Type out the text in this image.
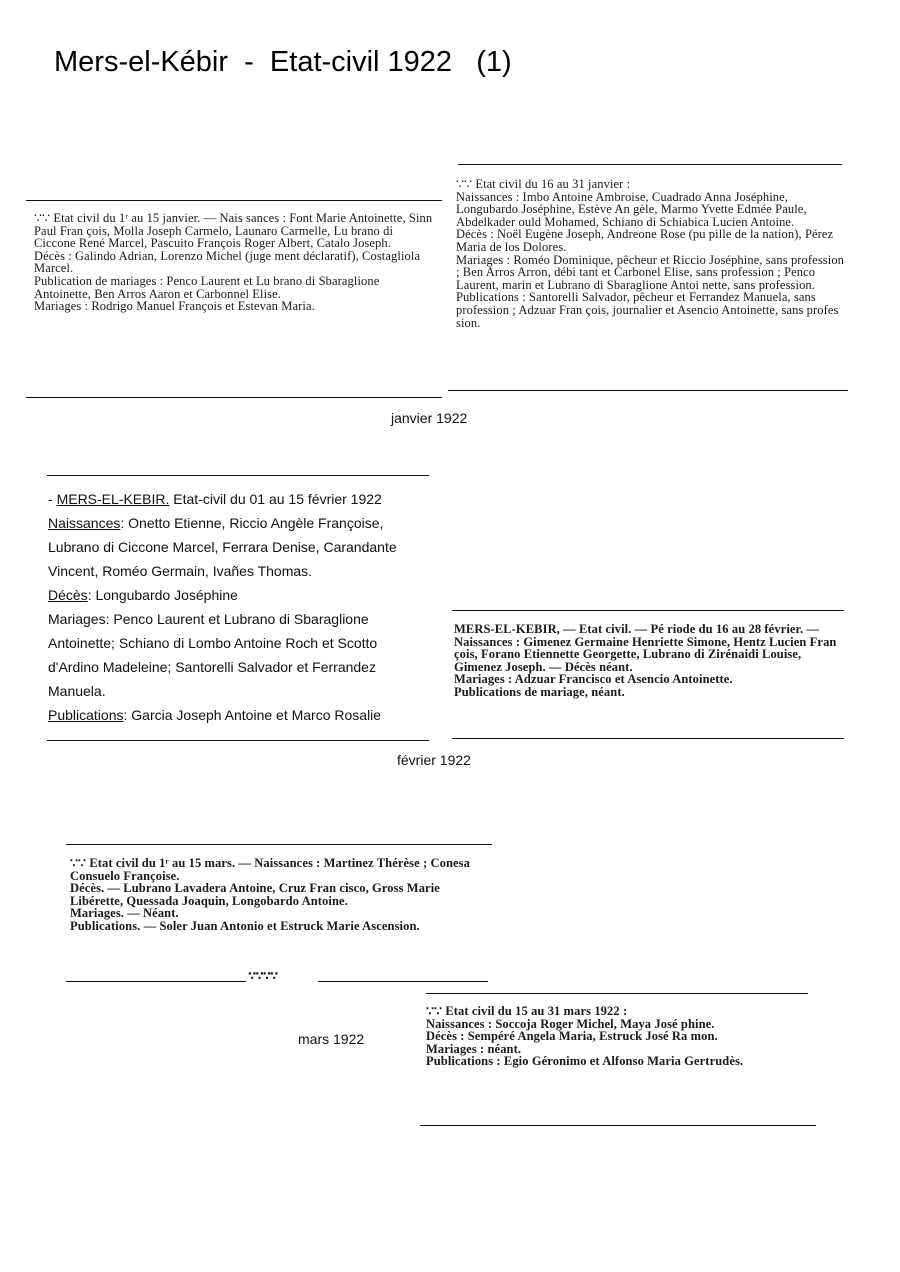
Mers-el-Kébir  -  Etat-civil 1922   (1)
∵∵ Etat civil du 1ʳ au 15 janvier. — Nais sances : Font Marie Antoinette, Sinn Paul Fran çois, Molla Joseph Carmelo, Launaro Carmelle, Lu brano di Ciccone René Marcel, Pascuito François Roger Albert, Catalo Joseph.
Décès : Galindo Adrian, Lorenzo Michel (juge ment déclaratif), Costagliola Marcel.
Publication de mariages : Penco Laurent et Lu brano di Sbaraglione Antoinette, Ben Arros Aaron et Carbonnel Elise.
Mariages : Rodrigo Manuel François et Estevan Maria.
∵∵ Etat civil du 16 au 31 janvier :
Naissances : Imbo Antoine Ambroise, Cuadrado Anna Joséphine, Longubardo Joséphine, Estève An gèle, Marmo Yvette Edmée Paule, Abdelkader ould Mohamed, Schiano di Schiabica Lucien Antoine.
Décès : Noël Eugène Joseph, Andreone Rose (pu pille de la nation), Pérez Maria de los Dolores.
Mariages : Roméo Dominique, pêcheur et Riccio Joséphine, sans profession ; Ben Arros Arron, débi tant et Carbonel Elise, sans profession ; Penco Laurent, marin et Lubrano di Sbaraglione Antoi nette, sans profession.
Publications : Santorelli Salvador, pêcheur et Ferrandez Manuela, sans profession ; Adzuar Fran çois, journalier et Asencio Antoinette, sans profes sion.
janvier 1922
- MERS-EL-KEBIR. Etat-civil du 01 au 15 février 1922
Naissances: Onetto Etienne, Riccio Angèle Françoise,
Lubrano di Ciccone Marcel, Ferrara Denise, Carandante
Vincent, Roméo Germain, Ivañes Thomas.
Décès: Longubardo Joséphine
Mariages: Penco Laurent et Lubrano di Sbaraglione
Antoinette; Schiano di Lombo Antoine Roch et Scotto
d'Ardino Madeleine; Santorelli Salvador et Ferrandez
Manuela.
Publications: Garcia Joseph Antoine et Marco Rosalie
MERS-EL-KEBIR, — Etat civil. — Pé riode du 16 au 28 février. — Naissances : Gimenez Germaine Henriette Simone, Hentz Lucien Fran çois, Forano Etiennette Georgette, Lubrano di Zirénaidi Louise, Gimenez Joseph. — Décès néant.
Mariages : Adzuar Francisco et Asencio Antoinette.
Publications de mariage, néant.
février 1922
∵∵ Etat civil du 1ʳ au 15 mars. — Naissances : Martinez Thérèse ; Conesa Consuelo Françoise.
Décès. — Lubrano Lavadera Antoine, Cruz Fran cisco, Gross Marie Libérette, Quessada Joaquin, Longobardo Antoine.
Mariages. — Néant.
Publications. — Soler Juan Antonio et Estruck Marie Ascension.
∵∵∵∵
∵∵ Etat civil du 15 au 31 mars 1922 :
Naissances : Soccoja Roger Michel, Maya José phine.
Décès : Sempéré Angela Maria, Estruck José Ra mon.
Mariages : néant.
Publications : Egio Géronimo et Alfonso Maria Gertrudès.
mars 1922
